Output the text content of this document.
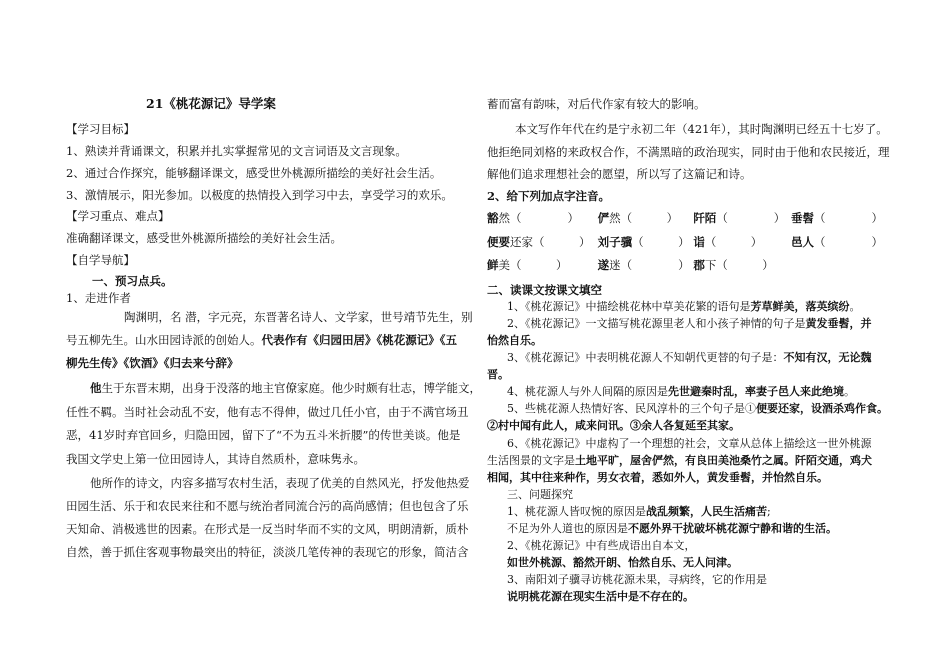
21《桃花源记》导学案
【学习目标】
1、熟读并背诵课文，积累并扎实掌握常见的文言词语及文言现象。
2、通过合作探究，能够翻译课文，感受世外桃源所描绘的美好社会生活。
3、激情展示，阳光参加。以极度的热情投入到学习中去，享受学习的欢乐。
【学习重点、难点】
准确翻译课文，感受世外桃源所描绘的美好社会生活。
【自学导航】
一、预习点兵。
1、走进作者
陶渊明，名 潜，字元亮，东晋著名诗人、文学家，世号靖节先生，别
号五柳先生。山水田园诗派的创始人。代表作有《归园田居》《桃花源记》《五
柳先生传》《饮酒》《归去来兮辞》
他生于东晋末期，出身于没落的地主官僚家庭。他少时颇有壮志，博学能文，
任性不羁。当时社会动乱不安，他有志不得伸，做过几任小官，由于不满官场丑
恶，41岁时弃官回乡，归隐田园，留下了“不为五斗米折腰”的传世美谈。他是
我国文学史上第一位田园诗人，其诗自然质朴，意味隽永。
他所作的诗文，内容多描写农村生活，表现了优美的自然风光，抒发他热爱
田园生活、乐于和农民来往和不愿与统治者同流合污的高尚感情；但也包含了乐
天知命、消极逃世的因素。在形式是一反当时华而不实的文风，明朗清新，质朴
自然，善于抓住客观事物最突出的特征，淡淡几笔传神的表现它的形象，简洁含
蓄而富有韵味，对后代作家有较大的影响。
本文写作年代在约是宁永初二年（421年），其时陶渊明已经五十七岁了。
他拒绝同刘格的来政权合作，不满黑暗的政治现实，同时由于他和农民接近，理
解他们追求理想社会的愿望，所以写了这篇记和诗。
2、给下列加点字注音。
豁然（　　　　） 俨然（　　　） 阡陌（　　　　） 垂髫（　　　　）
便要还家（　　　） 刘子骥（　　　） 诣（　　　） 邑人（　　　　）
鲜美（　　　）	遂迷（　　　　） 郡下（　　　）
二、读课文按课文填空
1、《桃花源记》中描绘桃花林中草美花繁的语句是芳草鲜美，落英缤纷。
2、《桃花源记》一文描写桃花源里老人和小孩子神情的句子是黄发垂髫，并
怡然自乐。
3、《桃花源记》中表明桃花源人不知朝代更替的句子是：不知有汉，无论魏
晋。
4、桃花源人与外人间隔的原因是先世避秦时乱，率妻子邑人来此绝境。
5、些桃花源人热情好客、民风淳朴的三个句子是①便要还家，设酒杀鸡作食。
②村中闻有此人，咸来问讯。③余人各复延至其家。
6、《桃花源记》中虚构了一个理想的社会，文章从总体上描绘这一世外桃源
生活图景的文字是土地平旷，屋舍俨然，有良田美池桑竹之属。阡陌交通，鸡犬
相闻，其中往来种作，男女衣着，悉如外人，黄发垂髫，并怡然自乐。
三、问题探究
1、桃花源人皆叹惋的原因是战乱频繁，人民生活痛苦;
不足为外人道也的原因是不愿外界干扰破坏桃花源宁静和谐的生活。
2、《桃花源记》中有些成语出自本文，
如世外桃源、豁然开朗、怡然自乐、无人问津。
3、南阳刘子骥寻访桃花源未果，寻病终，它的作用是
说明桃花源在现实生活中是不存在的。
